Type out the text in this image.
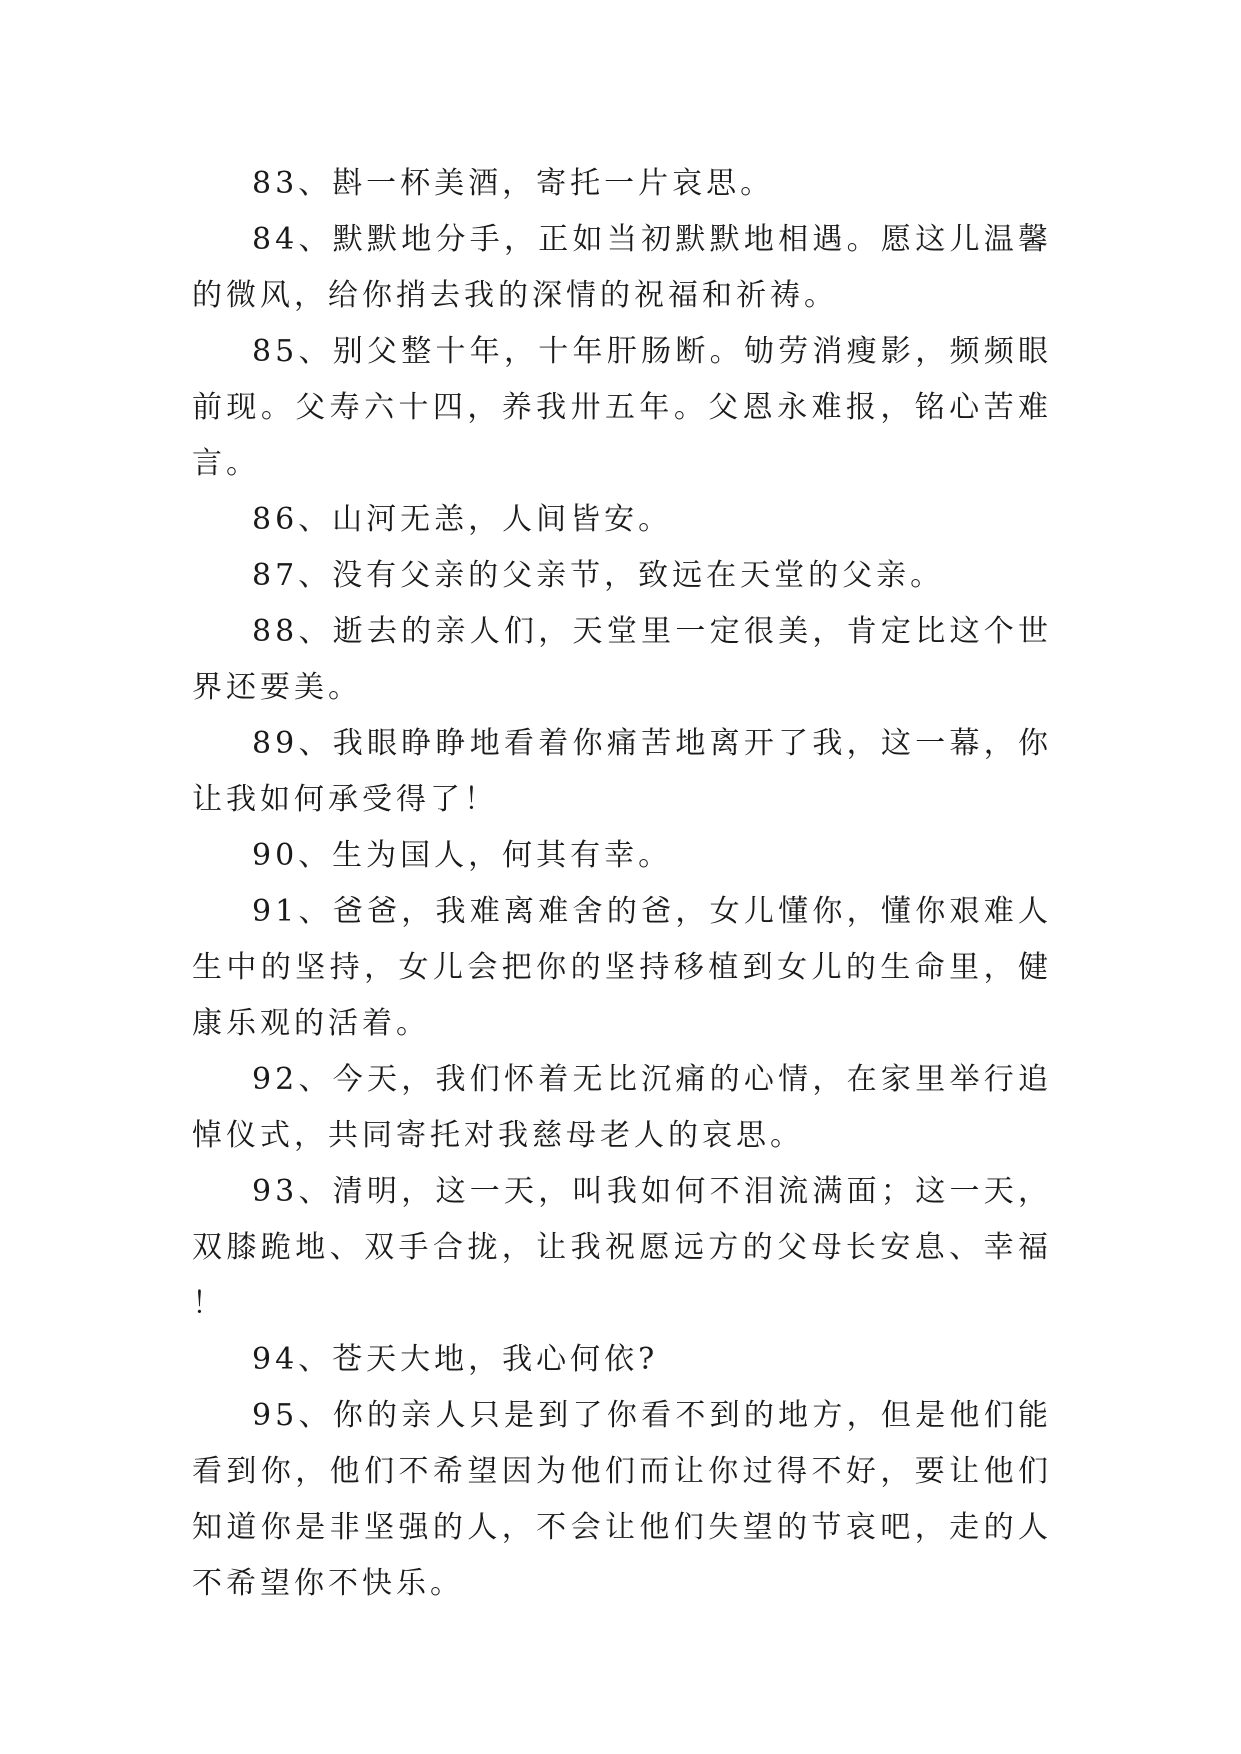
83、斟一杯美酒，寄托一片哀思。

84、默默地分手，正如当初默默地相遇。愿这儿温馨的微风，给你捎去我的深情的祝福和祈祷。

85、别父整十年，十年肝肠断。劬劳消瘦影，频频眼前现。父寿六十四，养我卅五年。父恩永难报，铭心苦难言。

86、山河无恙，人间皆安。

87、没有父亲的父亲节，致远在天堂的父亲。

88、逝去的亲人们，天堂里一定很美，肯定比这个世界还要美。

89、我眼睁睁地看着你痛苦地离开了我，这一幕，你让我如何承受得了！

90、生为国人，何其有幸。

91、爸爸，我难离难舍的爸，女儿懂你，懂你艰难人生中的坚持，女儿会把你的坚持移植到女儿的生命里，健康乐观的活着。

92、今天，我们怀着无比沉痛的心情，在家里举行追悼仪式，共同寄托对我慈母老人的哀思。

93、清明，这一天，叫我如何不泪流满面；这一天，双膝跪地、双手合拢，让我祝愿远方的父母长安息、幸福！

94、苍天大地，我心何依?

95、你的亲人只是到了你看不到的地方，但是他们能看到你，他们不希望因为他们而让你过得不好，要让他们知道你是非坚强的人，不会让他们失望的节哀吧，走的人不希望你不快乐。
